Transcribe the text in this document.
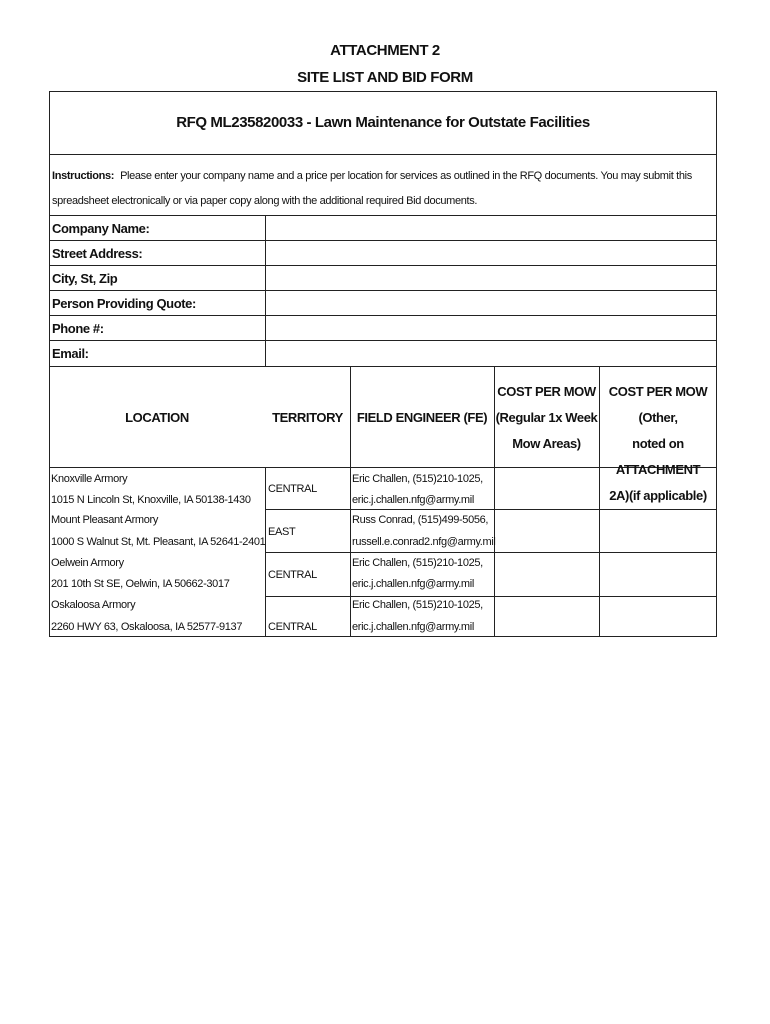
ATTACHMENT 2
SITE LIST AND BID FORM
RFQ ML235820033 - Lawn Maintenance for Outstate Facilities
Instructions: Please enter your company name and a price per location for services as outlined in the RFQ documents. You may submit this spreadsheet electronically or via paper copy along with the additional required Bid documents.
Company Name:
Street Address:
City, St, Zip
Person Providing Quote:
Phone #:
Email:
LOCATION	TERRITORY	FIELD ENGINEER (FE)
COST PER MOW
(Regular 1x Week
Mow Areas)
COST PER MOW (Other,
noted on ATTACHMENT
2A)(if applicable)
Knoxville Armory
1015 N Lincoln St, Knoxville, IA 50138-1430
CENTRAL
Eric Challen, (515)210-1025,
eric.j.challen.nfg@army.mil
Mount Pleasant Armory
1000 S Walnut St, Mt. Pleasant, IA 52641-2401
EAST
Russ Conrad, (515)499-5056,
russell.e.conrad2.nfg@army.mil
Oelwein Armory
201 10th St SE, Oelwin, IA 50662-3017
CENTRAL
Eric Challen, (515)210-1025,
eric.j.challen.nfg@army.mil
Oskaloosa Armory
2260 HWY 63, Oskaloosa, IA 52577-9137 CENTRAL
Eric Challen, (515)210-1025,
eric.j.challen.nfg@army.mil
